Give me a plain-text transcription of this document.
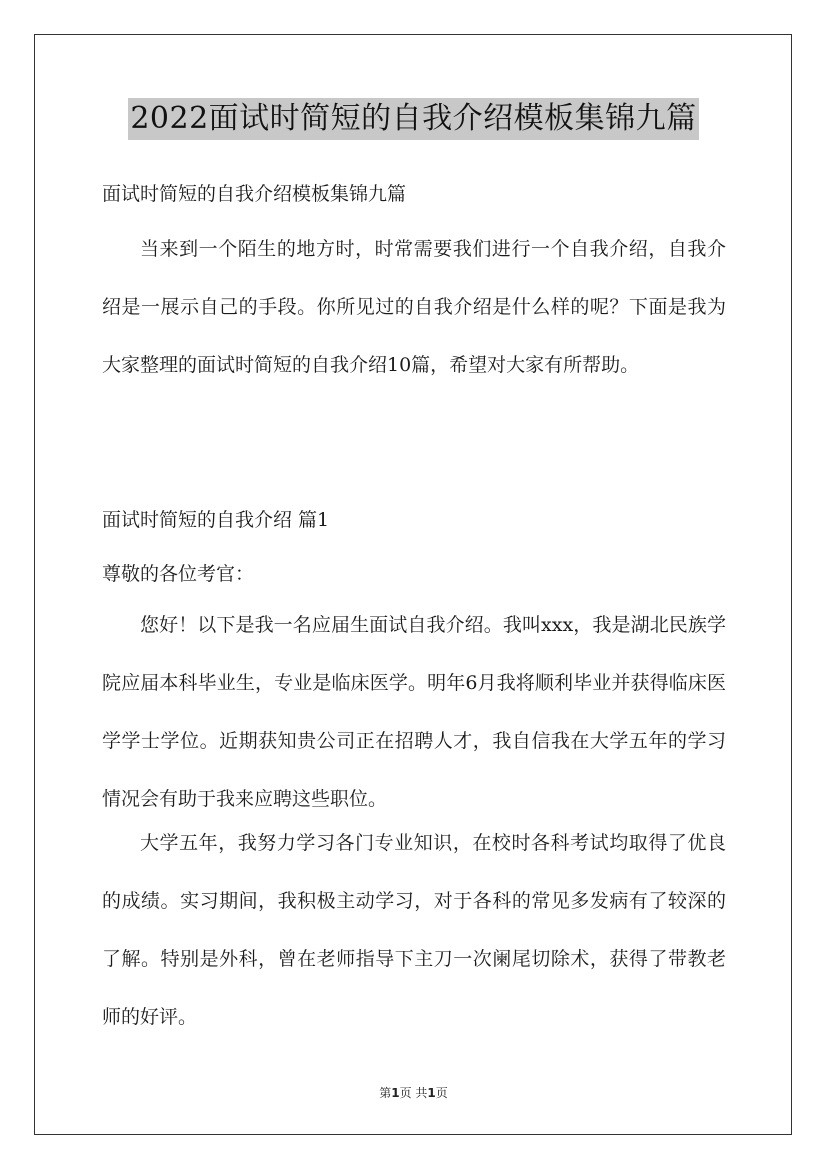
2022面试时简短的自我介绍模板集锦九篇
面试时简短的自我介绍模板集锦九篇
当来到一个陌生的地方时，时常需要我们进行一个自我介绍，自我介绍是一展示自己的手段。你所见过的自我介绍是什么样的呢？下面是我为大家整理的面试时简短的自我介绍10篇，希望对大家有所帮助。
面试时简短的自我介绍 篇1
尊敬的各位考官：
您好！以下是我一名应届生面试自我介绍。我叫xxx，我是湖北民族学院应届本科毕业生，专业是临床医学。明年6月我将顺利毕业并获得临床医学学士学位。近期获知贵公司正在招聘人才，我自信我在大学五年的学习情况会有助于我来应聘这些职位。
大学五年，我努力学习各门专业知识，在校时各科考试均取得了优良的成绩。实习期间，我积极主动学习，对于各科的常见多发病有了较深的了解。特别是外科，曾在老师指导下主刀一次阑尾切除术，获得了带教老师的好评。
第1页 共1页
